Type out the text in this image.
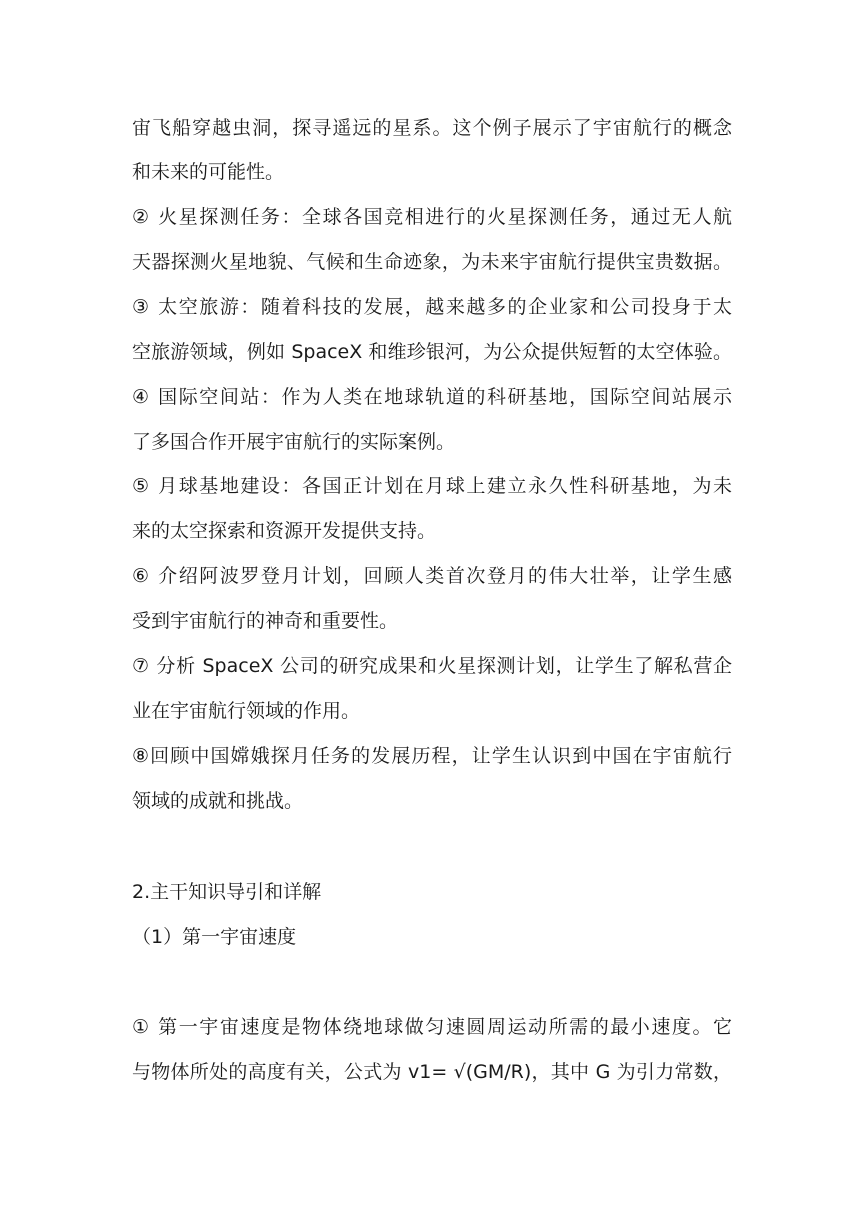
宙飞船穿越虫洞，探寻遥远的星系。这个例子展示了宇宙航行的概念
和未来的可能性。
② 火星探测任务：全球各国竞相进行的火星探测任务，通过无人航
天器探测火星地貌、气候和生命迹象，为未来宇宙航行提供宝贵数据。
③ 太空旅游：随着科技的发展，越来越多的企业家和公司投身于太
空旅游领域，例如 SpaceX 和维珍银河，为公众提供短暂的太空体验。
④ 国际空间站：作为人类在地球轨道的科研基地，国际空间站展示
了多国合作开展宇宙航行的实际案例。
⑤ 月球基地建设：各国正计划在月球上建立永久性科研基地，为未
来的太空探索和资源开发提供支持。
⑥ 介绍阿波罗登月计划，回顾人类首次登月的伟大壮举，让学生感
受到宇宙航行的神奇和重要性。
⑦ 分析 SpaceX 公司的研究成果和火星探测计划，让学生了解私营企
业在宇宙航行领域的作用。
⑧回顾中国嫦娥探月任务的发展历程，让学生认识到中国在宇宙航行
领域的成就和挑战。
2.主干知识导引和详解
（1）第一宇宙速度
① 第一宇宙速度是物体绕地球做匀速圆周运动所需的最小速度。它
与物体所处的高度有关，公式为 v1= √(GM/R)，其中 G 为引力常数，
